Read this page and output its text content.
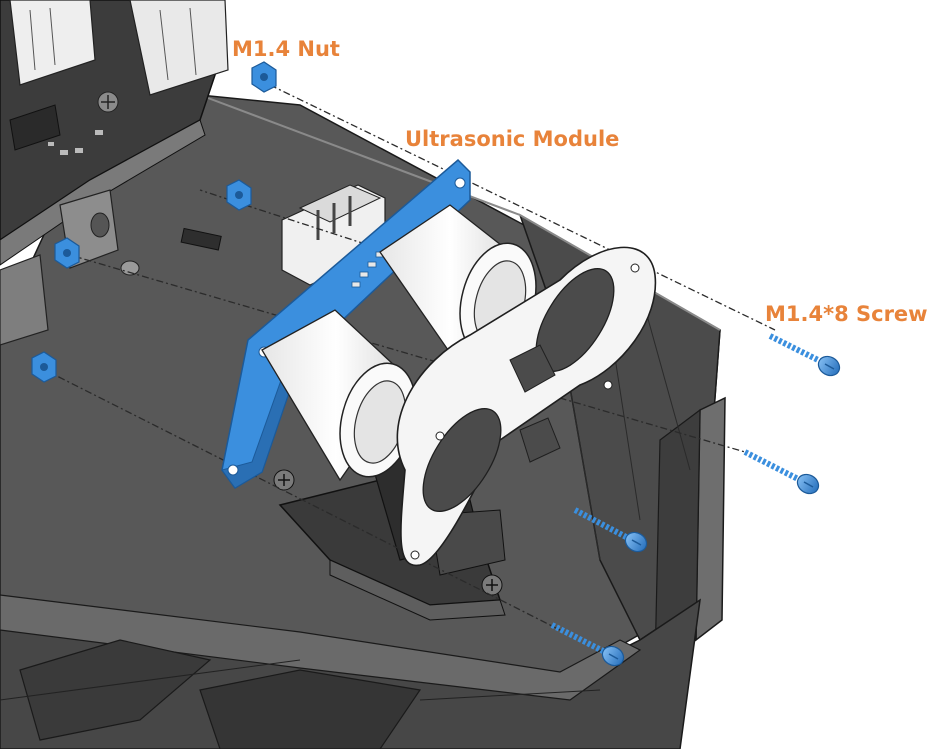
M1.4 Nut
Ultrasonic Module
M1.4*8 Screw
